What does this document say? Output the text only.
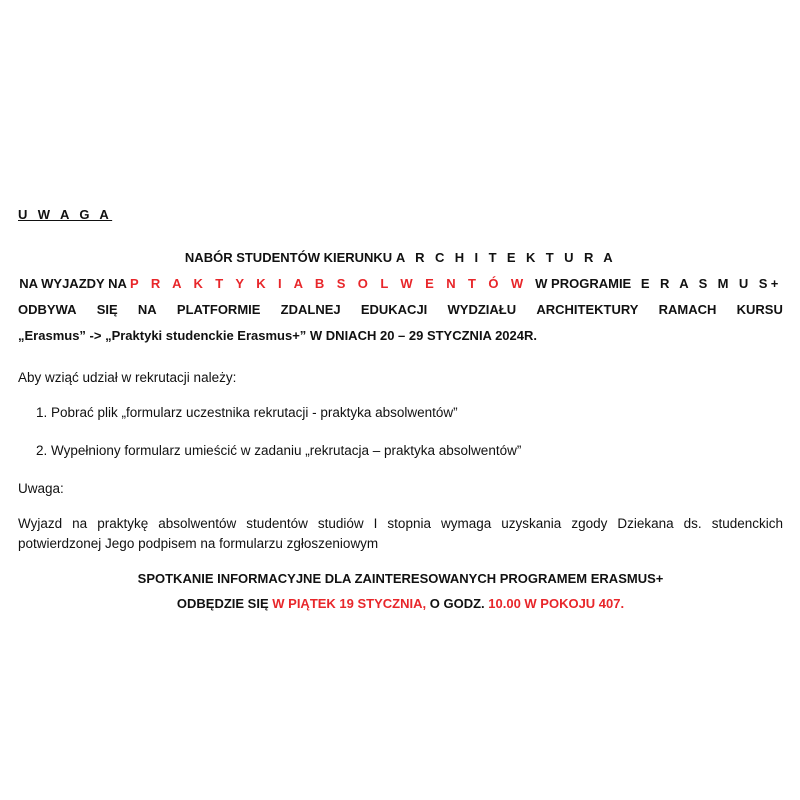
U W A G A
NABÓR STUDENTÓW KIERUNKU A R C H I T E K T U R A
NA WYJAZDY NA P R A K T Y K I A B S O L W E N T Ó W W PROGRAMIE E R A S M U S+
ODBYWA SIĘ NA PLATFORMIE ZDALNEJ EDUKACJI WYDZIAŁU ARCHITEKTURY RAMACH KURSU
„Erasmus” -> „Praktyki studenckie Erasmus+” W DNIACH 20 – 29 STYCZNIA 2024R.
Aby wziąć udział w rekrutacji należy:
1. Pobrać plik „formularz uczestnika rekrutacji - praktyka absolwentów”
2. Wypełniony formularz umieścić w zadaniu „rekrutacja – praktyka absolwentów”
Uwaga:
Wyjazd na praktykę absolwentów studentów studiów I stopnia wymaga uzyskania zgody Dziekana ds. studenckich potwierdzonej Jego podpisem na formularzu zgłoszeniowym
SPOTKANIE INFORMACYJNE DLA ZAINTERESOWANYCH PROGRAMEM ERASMUS+
ODBĘDZIE SIĘ W PIĄTEK 19 STYCZNIA, O GODZ. 10.00 W POKOJU 407.
